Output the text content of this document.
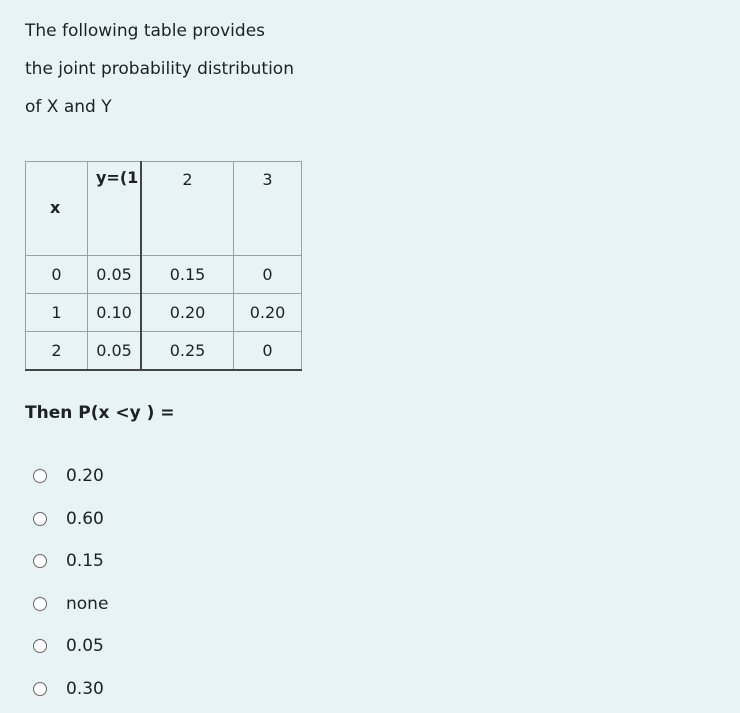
The following table provides
the joint probability distribution
of X and Y
x	y=(1	2	3

0	0.05	0.15	0
1	0.10	0.20	0.20
2	0.05	0.25	0
Then P(x <y ) =
0.20
0.60
0.15
none
0.05
0.30
